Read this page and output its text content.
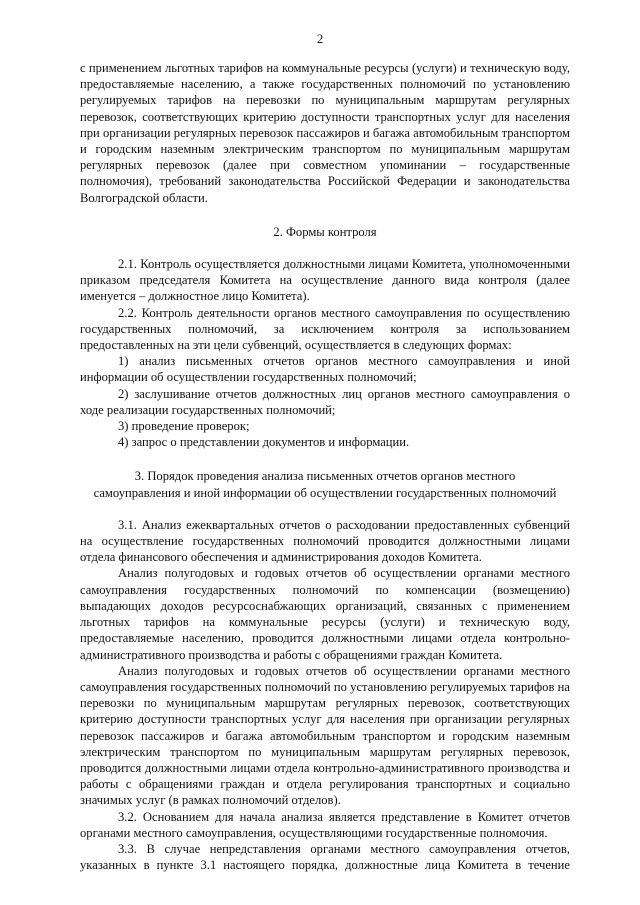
2

с применением льготных тарифов на коммунальные ресурсы (услуги) и техническую воду, предоставляемые населению, а также государственных полномочий по установлению регулируемых тарифов на перевозки по муниципальным маршрутам регулярных перевозок, соответствующих критерию доступности транспортных услуг для населения при организации регулярных перевозок пассажиров и багажа автомобильным транспортом и городским наземным электрическим транспортом по муниципальным маршрутам регулярных перевозок (далее при совместном упоминании – государственные полномочия), требований законодательства Российской Федерации и законодательства Волгоградской области.

2. Формы контроля

2.1. Контроль осуществляется должностными лицами Комитета, уполномоченными приказом председателя Комитета на осуществление данного вида контроля (далее именуется – должностное лицо Комитета).

2.2. Контроль деятельности органов местного самоуправления по осуществлению государственных полномочий, за исключением контроля за использованием предоставленных на эти цели субвенций, осуществляется в следующих формах:

1) анализ письменных отчетов органов местного самоуправления и иной информации об осуществлении государственных полномочий;

2) заслушивание отчетов должностных лиц органов местного самоуправления о ходе реализации государственных полномочий;

3) проведение проверок;

4) запрос о представлении документов и информации.

3. Порядок проведения анализа письменных отчетов органов местного

самоуправления и иной информации об осуществлении государственных полномочий

3.1. Анализ ежеквартальных отчетов о расходовании предоставленных субвенций на осуществление государственных полномочий проводится должностными лицами отдела финансового обеспечения и администрирования доходов Комитета.

Анализ полугодовых и годовых отчетов об осуществлении органами местного самоуправления государственных полномочий по компенсации (возмещению) выпадающих доходов ресурсоснабжающих организаций, связанных с применением льготных тарифов на коммунальные ресурсы (услуги) и техническую воду, предоставляемые населению, проводится должностными лицами отдела контрольно-административного производства и работы с обращениями граждан Комитета.

Анализ полугодовых и годовых отчетов об осуществлении органами местного самоуправления государственных полномочий по установлению регулируемых тарифов на перевозки по муниципальным маршрутам регулярных перевозок, соответствующих критерию доступности транспортных услуг для населения при организации регулярных перевозок пассажиров и багажа автомобильным транспортом и городским наземным электрическим транспортом по муниципальным маршрутам регулярных перевозок, проводится должностными лицами отдела контрольно-административного производства и работы с обращениями граждан и отдела регулирования транспортных и социально значимых услуг (в рамках полномочий отделов).

3.2. Основанием для начала анализа является представление в Комитет отчетов органами местного самоуправления, осуществляющими государственные полномочия.

3.3. В случае непредставления органами местного самоуправления отчетов, указанных в пункте 3.1 настоящего порядка, должностные лица Комитета в течение
